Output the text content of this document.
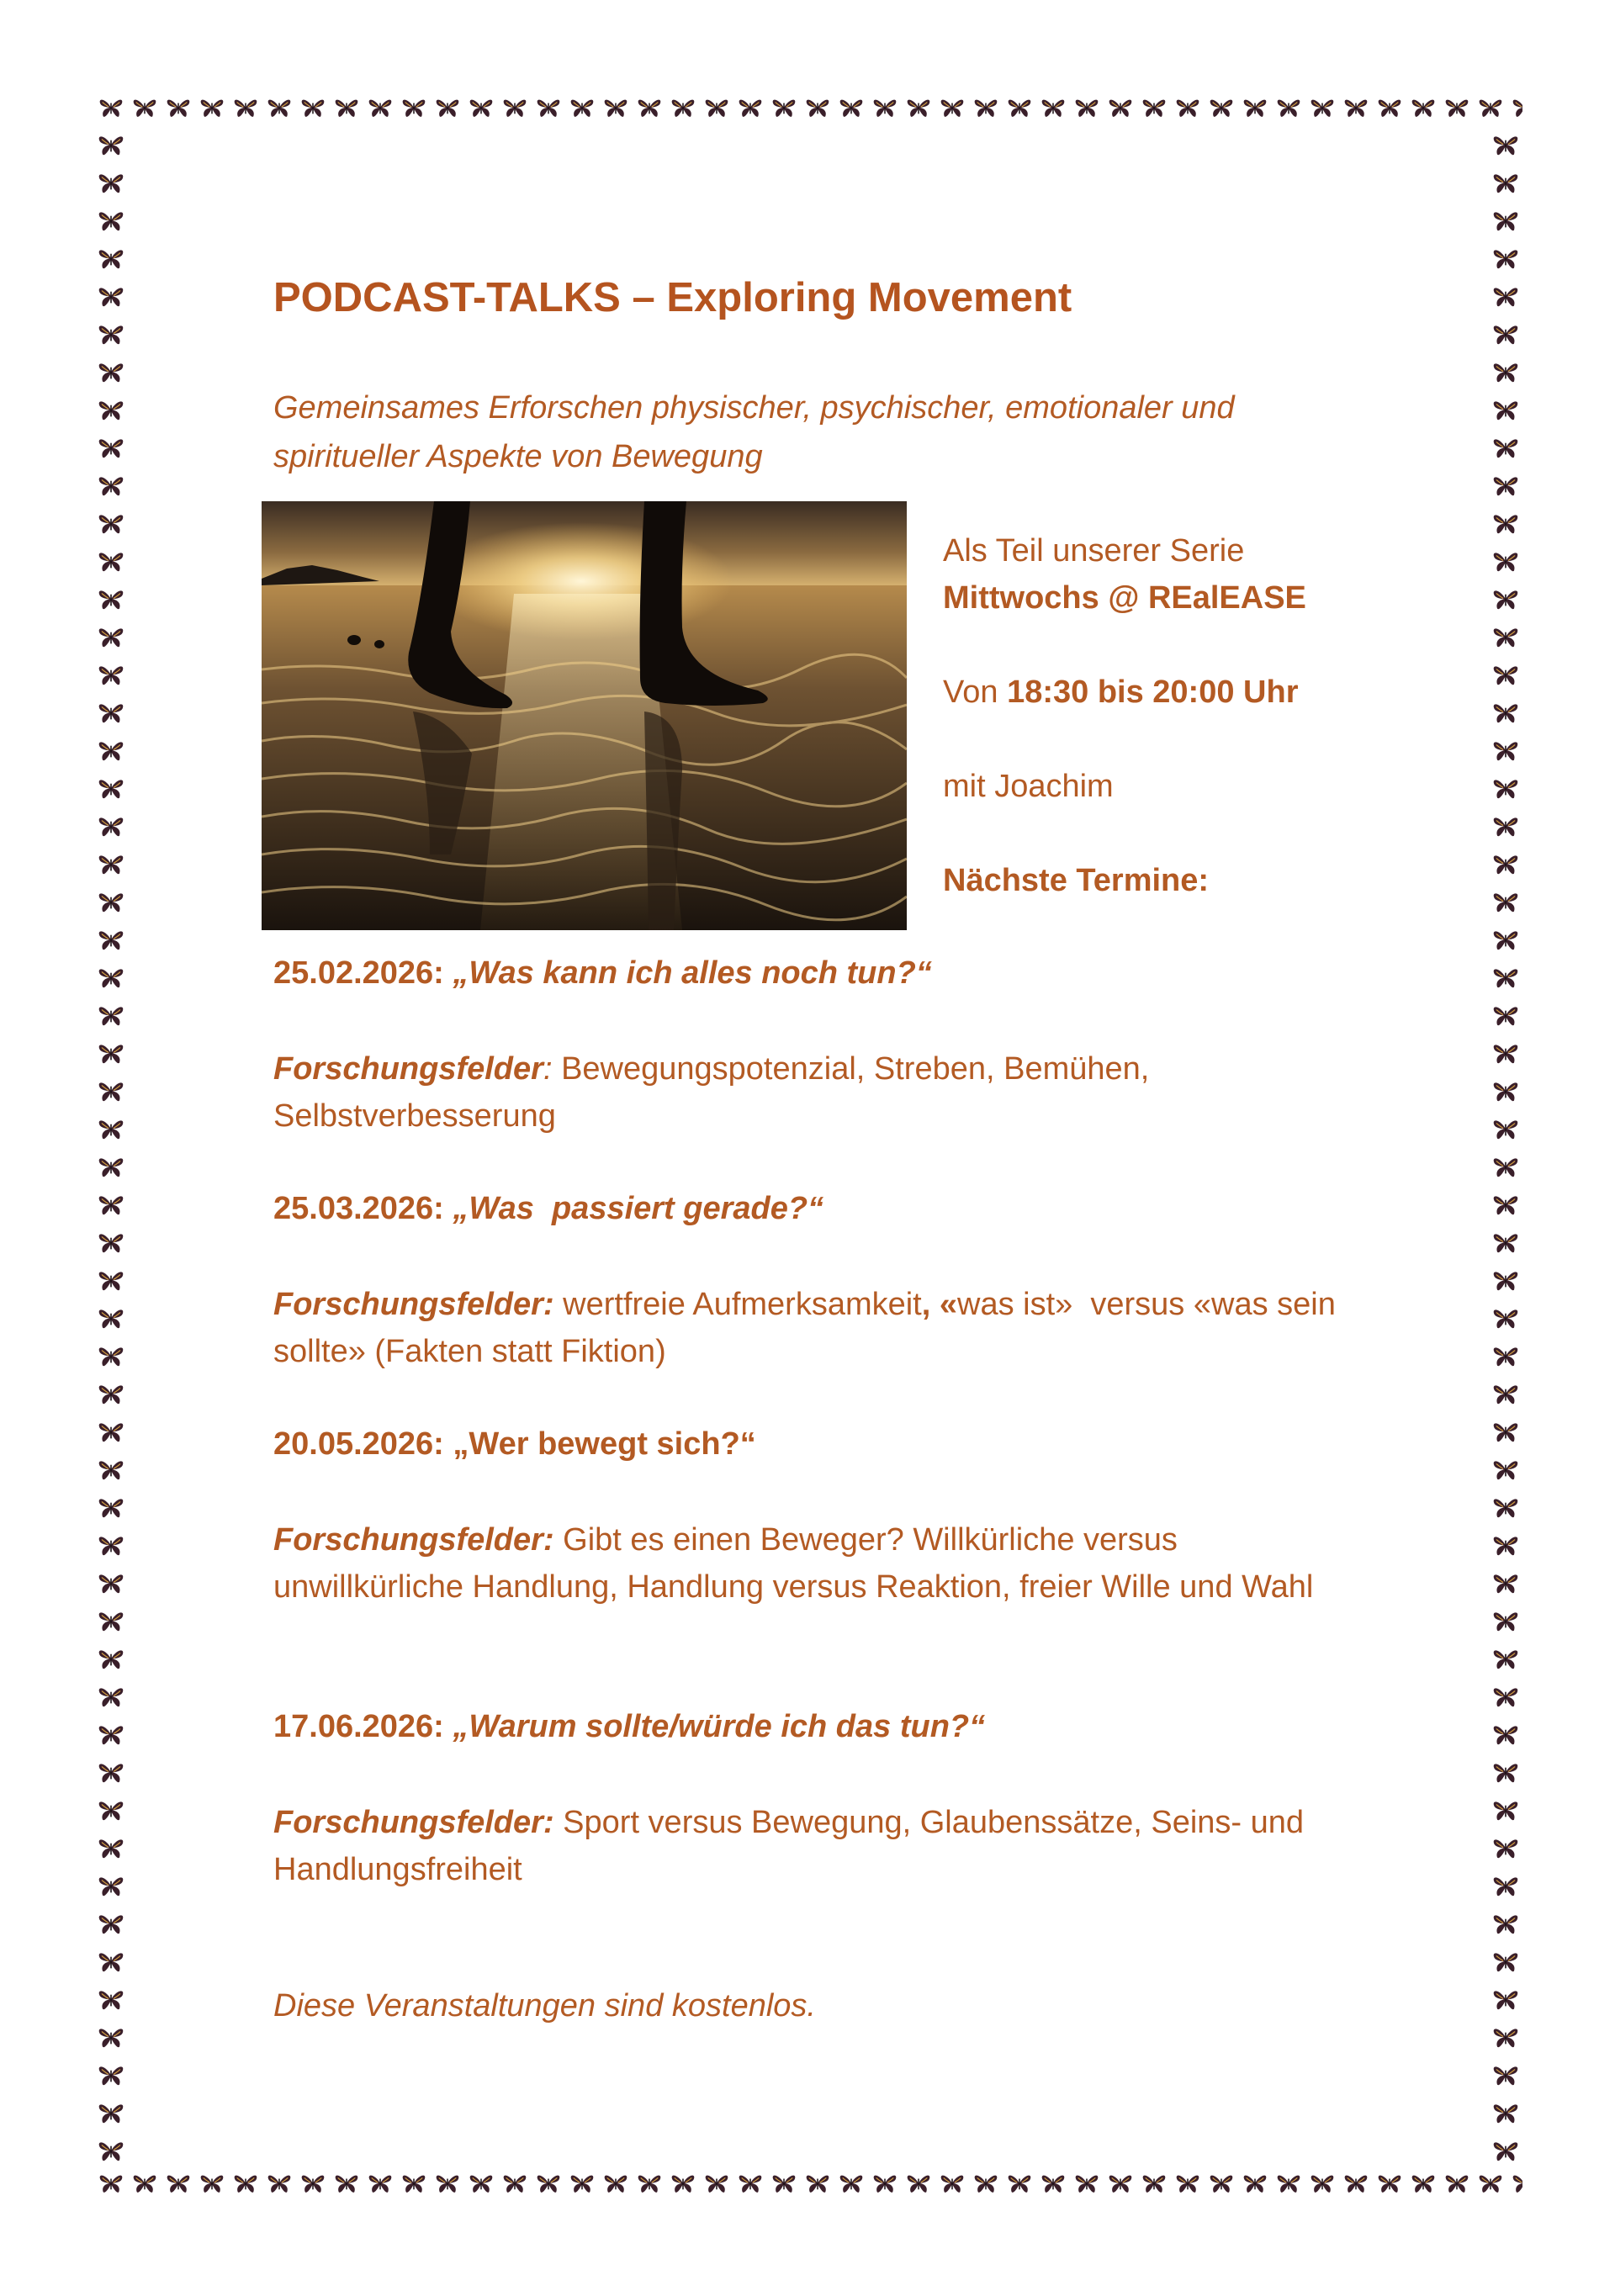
PODCAST-TALKS – Exploring Movement
Gemeinsames Erforschen physischer, psychischer, emotionaler und spiritueller Aspekte von Bewegung
Als Teil unserer Serie
Mittwochs @ REalEASE
Von 18:30 bis 20:00 Uhr
mit Joachim
Nächste Termine:
25.02.2026: „Was kann ich alles noch tun?“
Forschungsfelder: Bewegungspotenzial, Streben, Bemühen, Selbstverbesserung
25.03.2026: „Was  passiert gerade?“
Forschungsfelder: wertfreie Aufmerksamkeit, «was ist»  versus «was sein sollte» (Fakten statt Fiktion)
20.05.2026: „Wer bewegt sich?“
Forschungsfelder: Gibt es einen Beweger? Willkürliche versus unwillkürliche Handlung, Handlung versus Reaktion, freier Wille und Wahl
17.06.2026: „Warum sollte/würde ich das tun?“
Forschungsfelder: Sport versus Bewegung, Glaubenssätze, Seins- und Handlungsfreiheit
Diese Veranstaltungen sind kostenlos.
